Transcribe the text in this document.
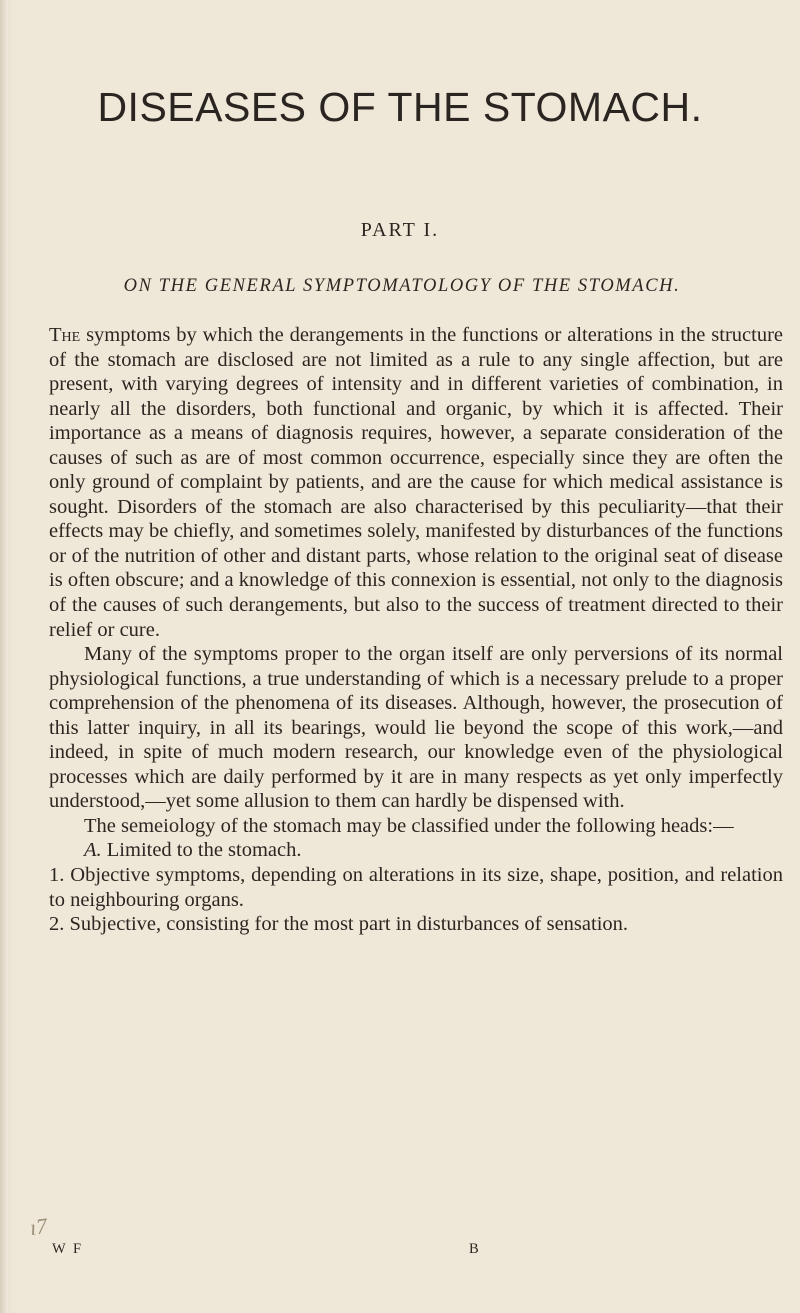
DISEASES OF THE STOMACH.
PART I.
ON THE GENERAL SYMPTOMATOLOGY OF THE STOMACH.

The symptoms by which the derangements in the functions or alterations in the structure of the stomach are disclosed are not limited as a rule to any single affection, but are present, with varying degrees of intensity and in different varieties of combination, in nearly all the disorders, both functional and organic, by which it is affected. Their importance as a means of diagnosis requires, however, a separate consideration of the causes of such as are of most common occurrence, especially since they are often the only ground of complaint by patients, and are the cause for which medical assistance is sought. Disorders of the stomach are also characterised by this peculiarity—that their effects may be chiefly, and sometimes solely, manifested by disturbances of the functions or of the nutrition of other and distant parts, whose relation to the original seat of disease is often obscure; and a knowledge of this connexion is essential, not only to the diagnosis of the causes of such derangements, but also to the success of treatment directed to their relief or cure.

Many of the symptoms proper to the organ itself are only perversions of its normal physiological functions, a true understanding of which is a necessary prelude to a proper comprehension of the phenomena of its diseases. Although, however, the prosecution of this latter inquiry, in all its bearings, would lie beyond the scope of this work,—and indeed, in spite of much modern research, our knowledge even of the physiological processes which are daily performed by it are in many respects as yet only imperfectly understood,—yet some allusion to them can hardly be dispensed with.

The semeiology of the stomach may be classified under the following heads:—

A. Limited to the stomach.

1. Objective symptoms, depending on alterations in its size, shape, position, and relation to neighbouring organs.

2. Subjective, consisting for the most part in disturbances of sensation.

ı7
W F	B
